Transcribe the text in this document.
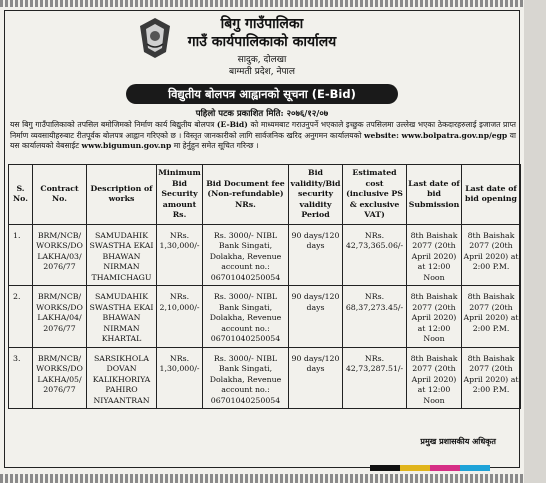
बिगु गाउँपालिका
गाउँ कार्यपालिकाको कार्यालय
सादुक, दोलखा
बाग्मती प्रदेश, नेपाल
विद्युतीय बोलपत्र आह्वानको सूचना (E-Bid)
पहिलो पटक प्रकाशित मिति: २०७६/१२/०७
यस बिगु गाउँपालिकाको तपसिल बमोजिमको निर्माण कार्य बिद्युतीय बोलपत्र (E-Bid) को माध्यमबाट गराउनुपर्ने भएकाले इच्छुक तपसिलमा उल्लेख भएका ठेकदारहरुलाई इजाजत प्राप्त निर्माण व्यवसायीहरुबाट रीतपूर्वक बोलपत्र आह्वान गरिएको छ । विस्तृत जानकारीको लागि सार्वजनिक खरिद अनुगमन कार्यालयको website: www.bolpatra.gov.np/egp वा यस कार्यालयको वेबसाईट www.bigumun.gov.np मा हेर्नुहुन समेत सूचित गरिन्छ ।
S. No.	Contract No.	Description of works	Minimum Bid Security amount Rs.	Bid Document fee (Non-refundable) NRs.	Bid validity/Bid security validity Period	Estimated cost (inclusive PS & exclusive VAT)	Last date of bid Submission	Last date of bid opening
1.	BRM/NCB/ WORKS/DO LAKHA/03/ 2076/77	SAMUDAHIK SWASTHA EKAI BHAWAN NIRMAN THAMICHAGU	NRs. 1,30,000/-	Rs. 3000/- NIBL Bank Singati, Dolakha, Revenue account no.: 06701040250054	90 days/120 days	NRs. 42,73,365.06/-	8th Baishak 2077 (20th April 2020) at 12:00 Noon	8th Baishak 2077 (20th April 2020) at 2:00 P.M.
2.	BRM/NCB/ WORKS/DO LAKHA/04/ 2076/77	SAMUDAHIK SWASTHA EKAI BHAWAN NIRMAN KHARTAL	NRs. 2,10,000/-	Rs. 3000/- NIBL Bank Singati, Dolakha, Revenue account no.: 06701040250054	90 days/120 days	NRs. 68,37,273.45/-	8th Baishak 2077 (20th April 2020) at 12:00 Noon	8th Baishak 2077 (20th April 2020) at 2:00 P.M.
3.	BRM/NCB/ WORKS/DO LAKHA/05/ 2076/77	SARSIKHOLA DOVAN KALIKHORIYA PAHIRO NIYAANTRAN	NRs. 1,30,000/-	Rs. 3000/- NIBL Bank Singati, Dolakha, Revenue account no.: 06701040250054	90 days/120 days	NRs. 42,73,287.51/-	8th Baishak 2077 (20th April 2020) at 12:00 Noon	8th Baishak 2077 (20th April 2020) at 2:00 P.M.
प्रमुख प्रशासकीय अधिकृत
